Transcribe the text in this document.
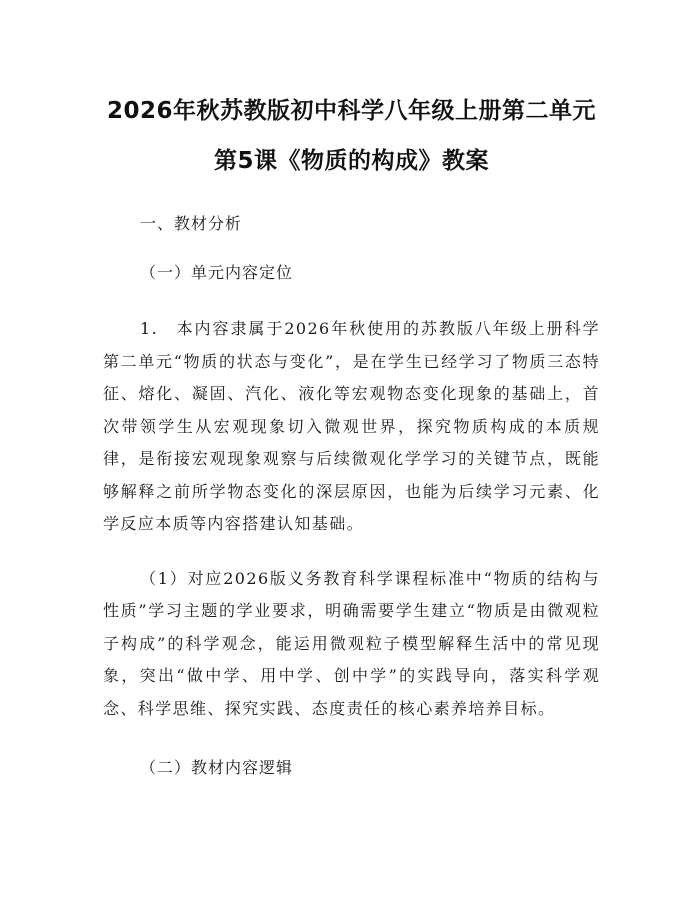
2026年秋苏教版初中科学八年级上册第二单元第5课《物质的构成》教案

一、教材分析

（一）单元内容定位

1.　本内容隶属于2026年秋使用的苏教版八年级上册科学第二单元“物质的状态与变化”，是在学生已经学习了物质三态特征、熔化、凝固、汽化、液化等宏观物态变化现象的基础上，首次带领学生从宏观现象切入微观世界，探究物质构成的本质规律，是衔接宏观现象观察与后续微观化学学习的关键节点，既能够解释之前所学物态变化的深层原因，也能为后续学习元素、化学反应本质等内容搭建认知基础。

（1）对应2026版义务教育科学课程标准中“物质的结构与性质”学习主题的学业要求，明确需要学生建立“物质是由微观粒子构成”的科学观念，能运用微观粒子模型解释生活中的常见现象，突出“做中学、用中学、创中学”的实践导向，落实科学观念、科学思维、探究实践、态度责任的核心素养培养目标。

（二）教材内容逻辑
